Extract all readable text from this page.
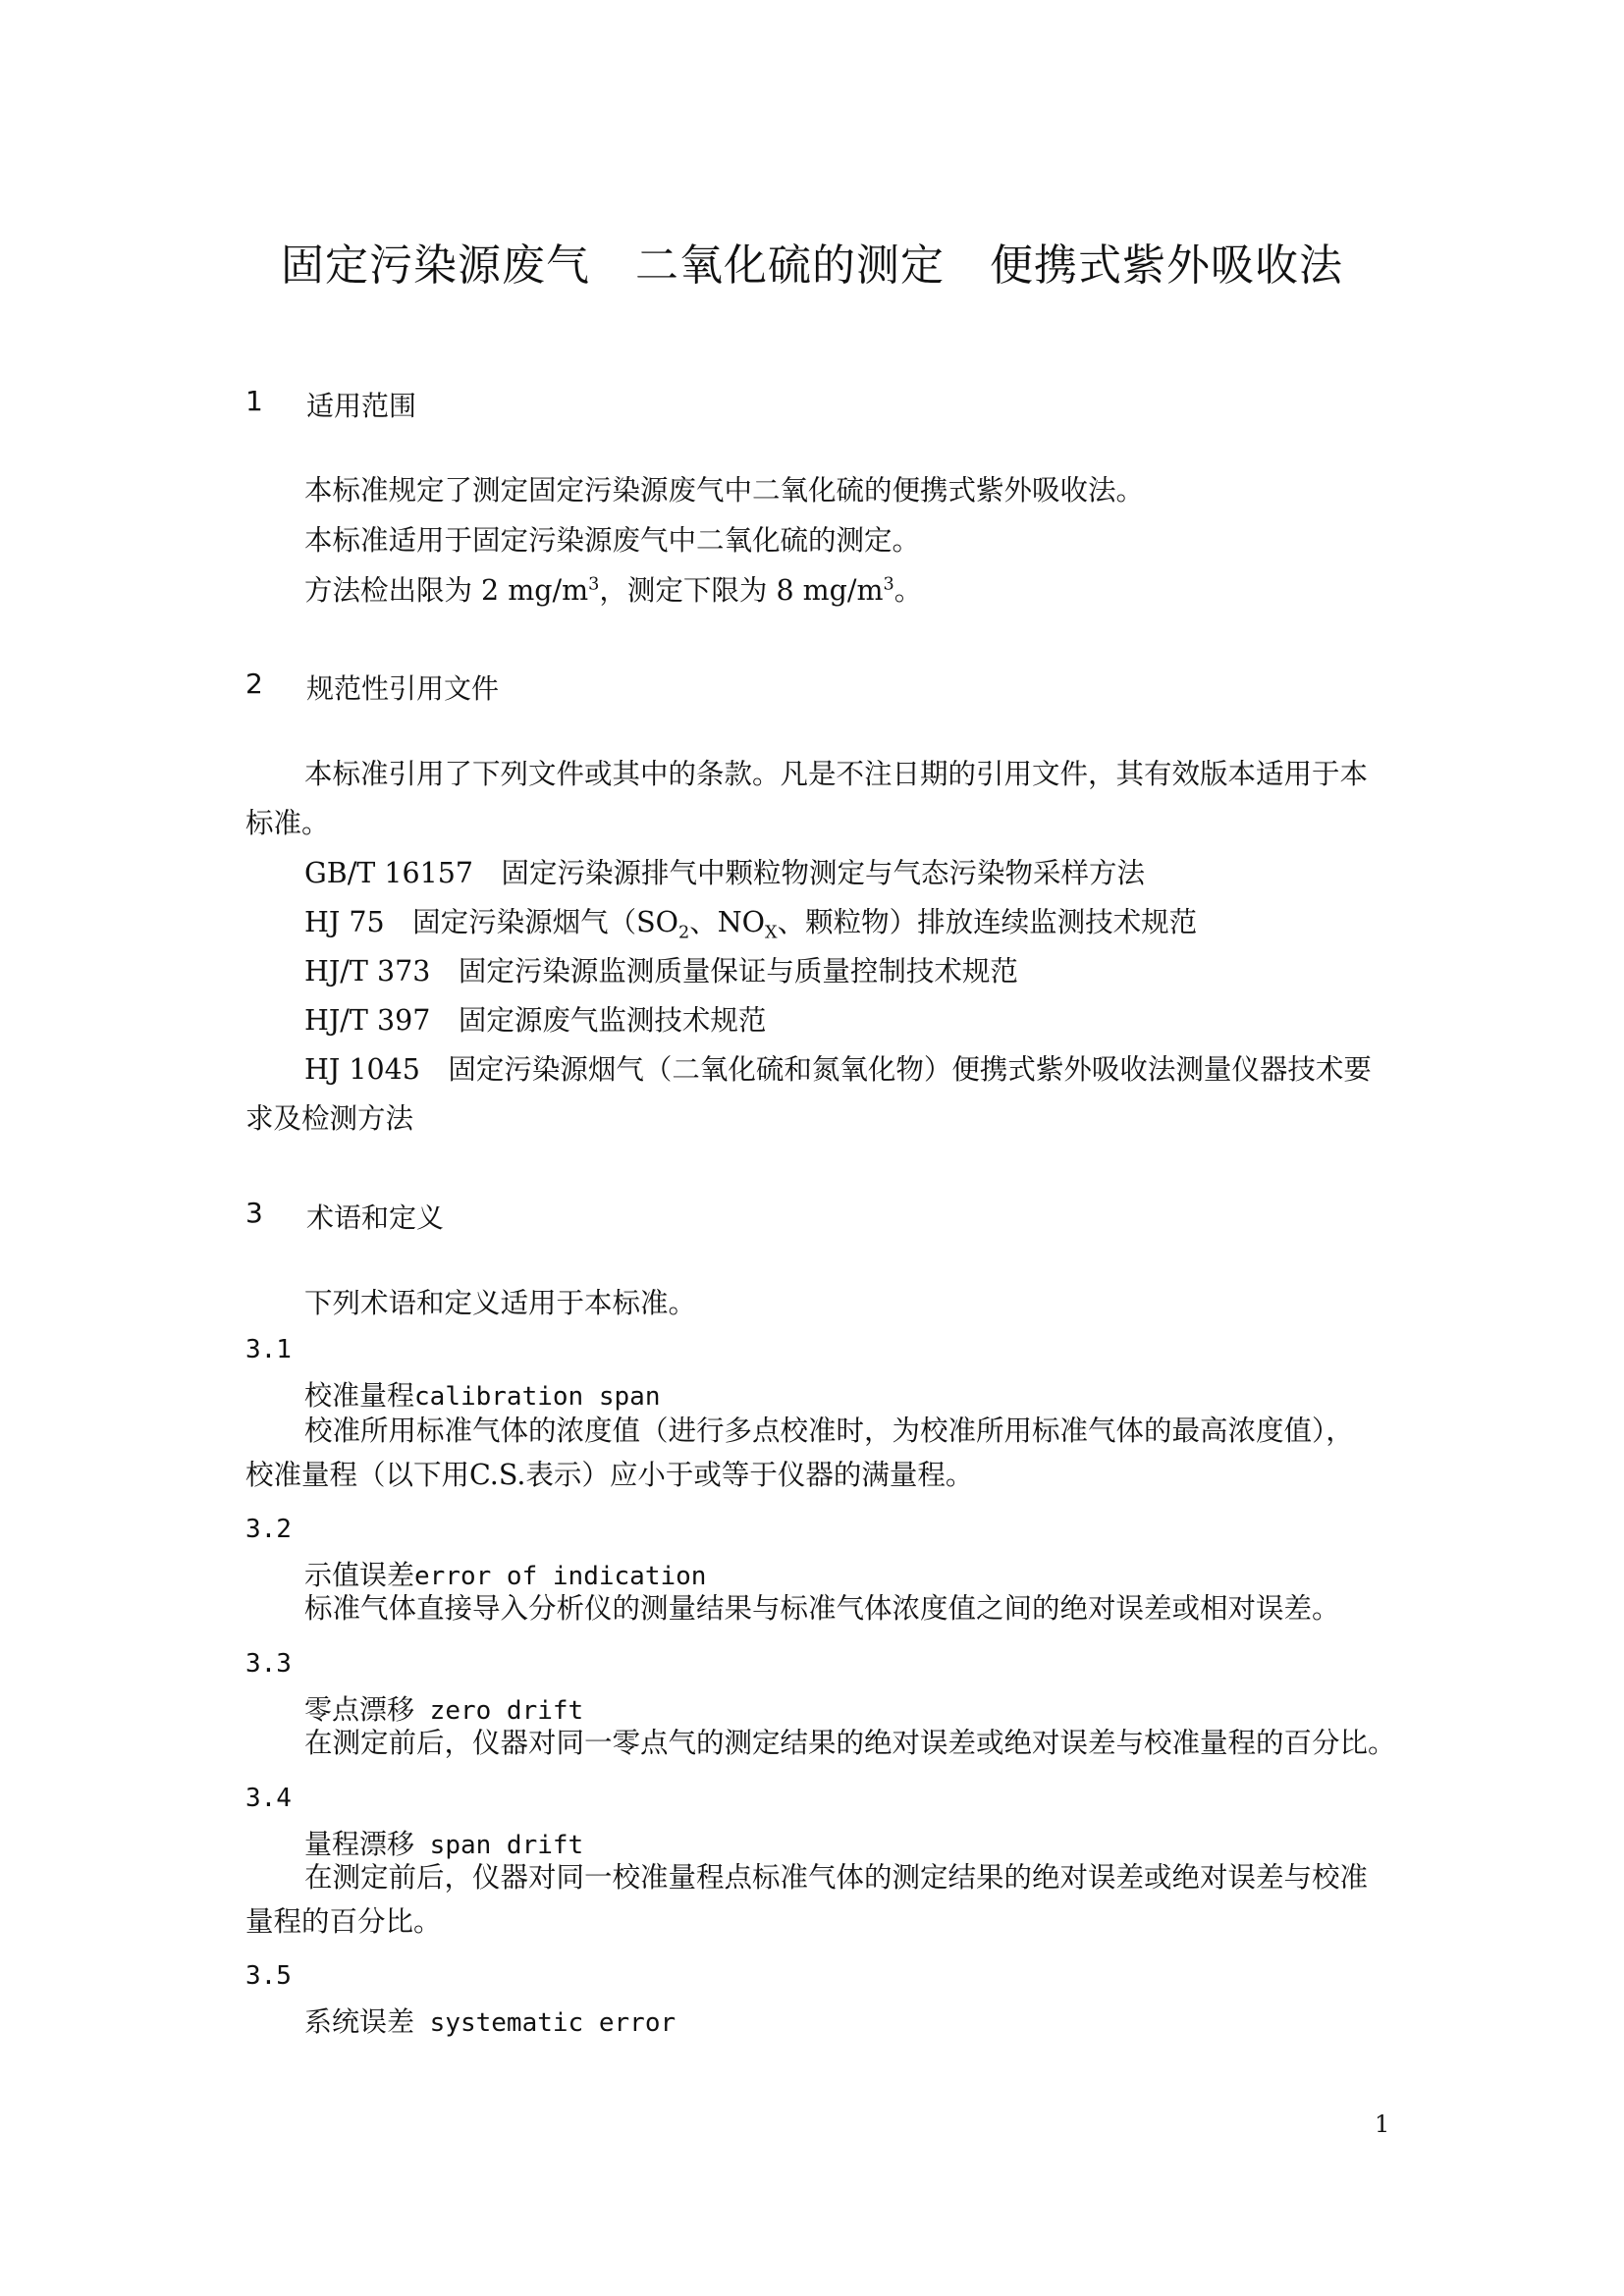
固定污染源废气 二氧化硫的测定 便携式紫外吸收法
1 适用范围
本标准规定了测定固定污染源废气中二氧化硫的便携式紫外吸收法。
本标准适用于固定污染源废气中二氧化硫的测定。
方法检出限为 2 $mg/m^3$，测定下限为 8 $mg/m^3$。
2 规范性引用文件
本标准引用了下列文件或其中的条款。凡是不注日期的引用文件，其有效版本适用于本
标准。
GB/T 16157　固定污染源排气中颗粒物测定与气态污染物采样方法
HJ 75　固定污染源烟气（$SO_2$、$NO_X$、颗粒物）排放连续监测技术规范
HJ/T 373　固定污染源监测质量保证与质量控制技术规范
HJ/T 397　固定源废气监测技术规范
HJ 1045　固定污染源烟气（二氧化硫和氮氧化物）便携式紫外吸收法测量仪器技术要
求及检测方法
3 术语和定义
下列术语和定义适用于本标准。
3.1
校准量程calibration span
校准所用标准气体的浓度值（进行多点校准时，为校准所用标准气体的最高浓度值），
校准量程（以下用C.S.表示）应小于或等于仪器的满量程。
3.2
示值误差error of indication
标准气体直接导入分析仪的测量结果与标准气体浓度值之间的绝对误差或相对误差。
3.3
零点漂移 zero drift
在测定前后，仪器对同一零点气的测定结果的绝对误差或绝对误差与校准量程的百分比。
3.4
量程漂移 span drift
在测定前后，仪器对同一校准量程点标准气体的测定结果的绝对误差或绝对误差与校准
量程的百分比。
3.5
系统误差 systematic error
1
